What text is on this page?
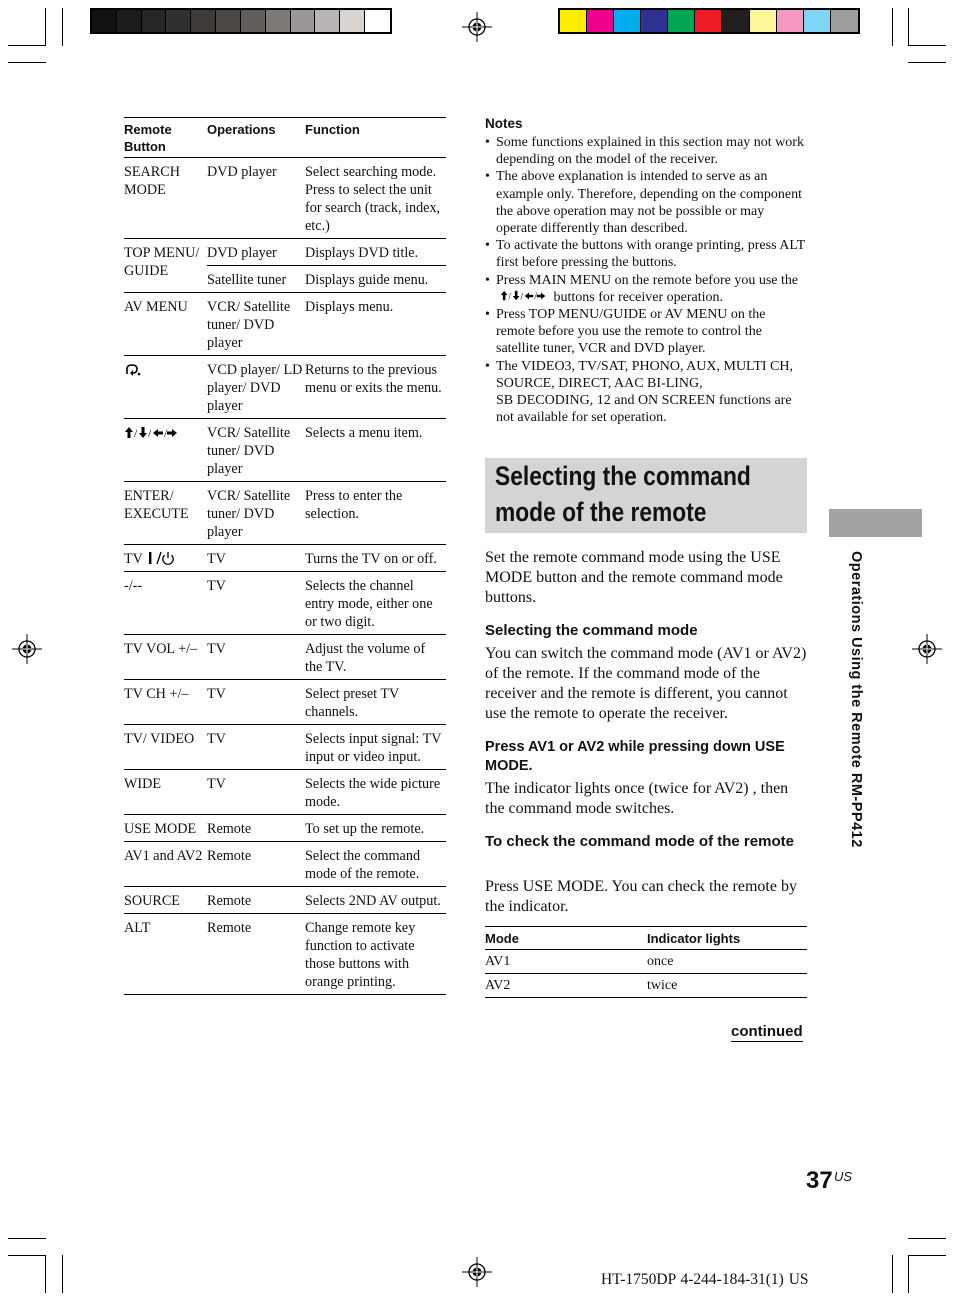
Remote Button	Operations	Function
SEARCH MODE	DVD player	Select searching mode. Press to select the unit for search (track, index, etc.)
TOP MENU/ GUIDE	DVD player	Displays DVD title.
	Satellite tuner	Displays guide menu.
AV MENU	VCR/ Satellite tuner/ DVD player	Displays menu.
	VCD player/ LD player/ DVD player	Returns to the previous menu or exits the menu.

/ / /	VCR/ Satellite tuner/ DVD player	Selects a menu item.
ENTER/ EXECUTE	VCR/ Satellite tuner/ DVD player	Press to enter the selection.
TV	TV	Turns the TV on or off.
-/--	TV	Selects the channel entry mode, either one or two digit.
TV VOL +/–	TV	Adjust the volume of the TV.
TV CH +/–	TV	Select preset TV channels.
TV/ VIDEO	TV	Selects input signal: TV input or video input.
WIDE	TV	Selects the wide picture mode.
USE MODE	Remote	To set up the remote.
AV1 and AV2	Remote	Select the command mode of the remote.
SOURCE	Remote	Selects 2ND AV output.
ALT	Remote	Change remote key function to activate those buttons with orange printing.
Notes
• Some functions explained in this section may not work depending on the model of the receiver.
• The above explanation is intended to serve as an example only. Therefore, depending on the component the above operation may not be possible or may operate differently than described.
• To activate the buttons with orange printing, press ALT first before pressing the buttons.
• Press MAIN MENU on the remote before you use the
/ / / buttons for receiver operation.
• Press TOP MENU/GUIDE or AV MENU on the remote before you use the remote to control the satellite tuner, VCR and DVD player.
• The VIDEO3, TV/SAT, PHONO, AUX, MULTI CH, SOURCE, DIRECT, AAC BI-LING,
SB DECODING, 12 and ON SCREEN functions are not available for set operation.
Selecting the command
mode of the remote
Set the remote command mode using the USE MODE button and the remote command mode buttons.
Selecting the command mode
You can switch the command mode (AV1 or AV2) of the remote. If the command mode of the receiver and the remote is different, you cannot use the remote to operate the receiver.
Press AV1 or AV2 while pressing down USE MODE.
The indicator lights once (twice for AV2) , then the command mode switches.
To check the command mode of the remote
Press USE MODE. You can check the remote by the indicator.
Mode	Indicator lights
AV1	once
AV2	twice
continued
Operations Using the Remote RM-PP412
37 US
HT-1750DP 4-244-184-31(1) US
